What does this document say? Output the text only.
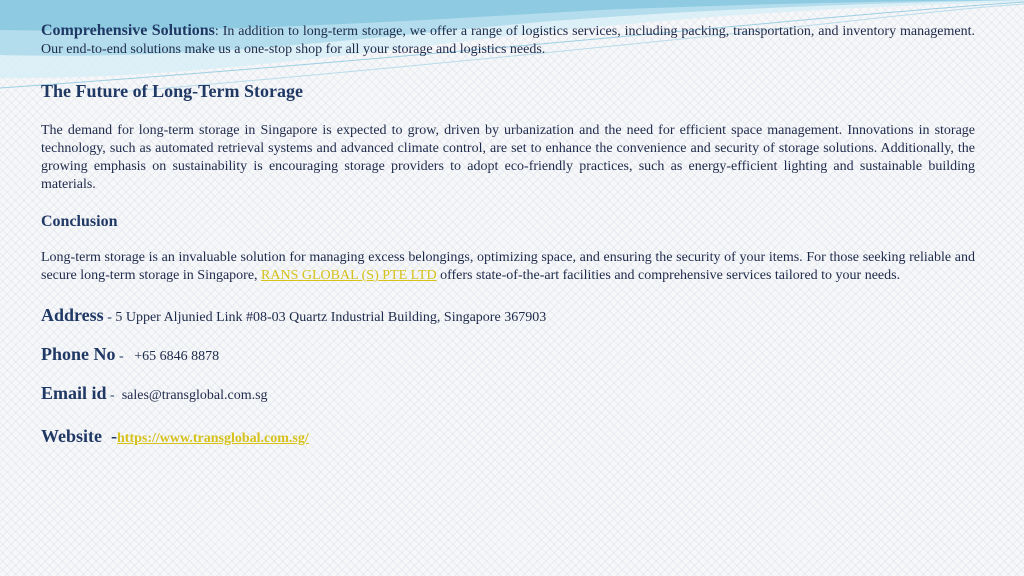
Comprehensive Solutions: In addition to long-term storage, we offer a range of logistics services, including packing, transportation, and inventory management. Our end-to-end solutions make us a one-stop shop for all your storage and logistics needs.

The Future of Long-Term Storage

The demand for long-term storage in Singapore is expected to grow, driven by urbanization and the need for efficient space management. Innovations in storage technology, such as automated retrieval systems and advanced climate control, are set to enhance the convenience and security of storage solutions. Additionally, the growing emphasis on sustainability is encouraging storage providers to adopt eco-friendly practices, such as energy-efficient lighting and sustainable building materials.

Conclusion

Long-term storage is an invaluable solution for managing excess belongings, optimizing space, and ensuring the security of your items. For those seeking reliable and secure long-term storage in Singapore, RANS GLOBAL (S) PTE LTD offers state-of-the-art facilities and comprehensive services tailored to your needs.

Address - 5 Upper Aljunied Link #08-03 Quartz Industrial Building, Singapore 367903
Phone No -   +65 6846 8878
Email id -  sales@transglobal.com.sg
Website  -https://www.transglobal.com.sg/
